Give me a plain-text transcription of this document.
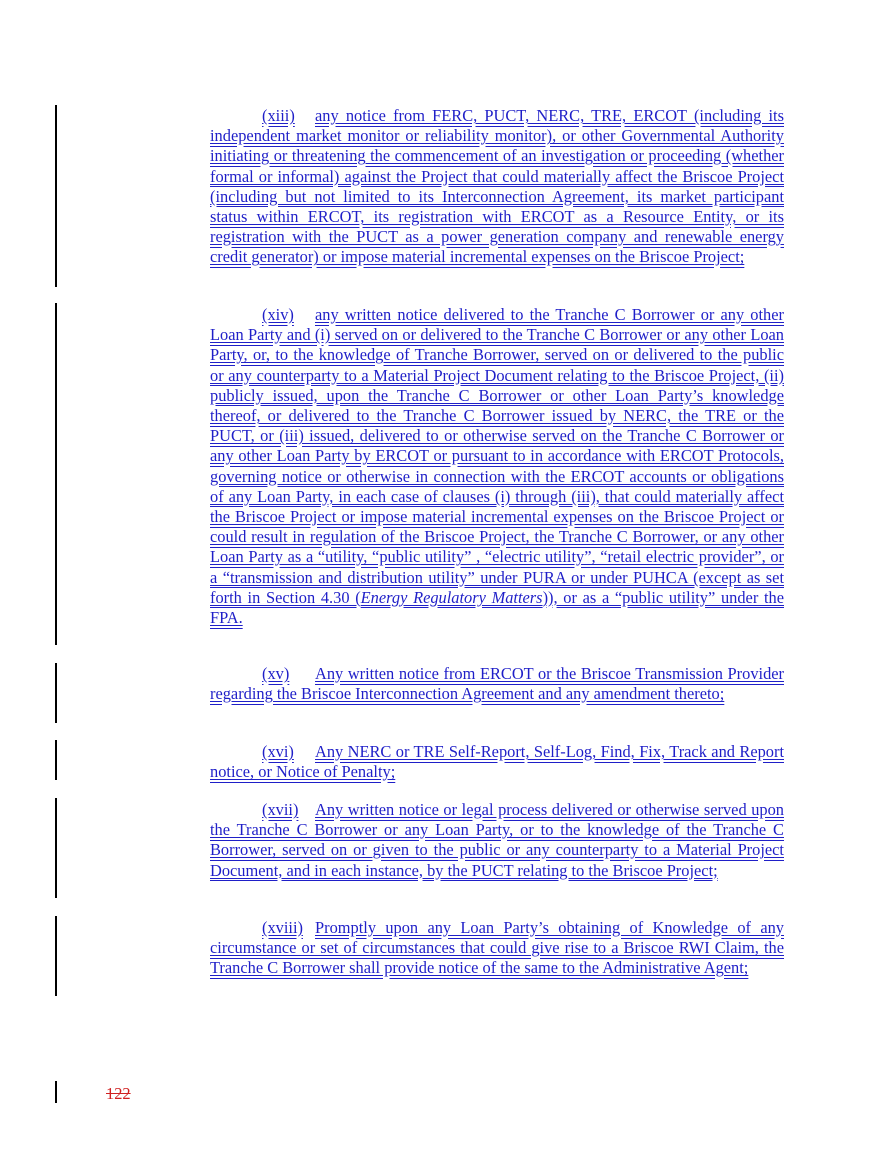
(xiii) any notice from FERC, PUCT, NERC, TRE, ERCOT (including its independent market monitor or reliability monitor), or other Governmental Authority initiating or threatening the commencement of an investigation or proceeding (whether formal or informal) against the Project that could materially affect the Briscoe Project (including but not limited to its Interconnection Agreement, its market participant status within ERCOT, its registration with ERCOT as a Resource Entity, or its registration with the PUCT as a power generation company and renewable energy credit generator) or impose material incremental expenses on the Briscoe Project;
(xiv) any written notice delivered to the Tranche C Borrower or any other Loan Party and (i) served on or delivered to the Tranche C Borrower or any other Loan Party, or, to the knowledge of Tranche Borrower, served on or delivered to the public or any counterparty to a Material Project Document relating to the Briscoe Project, (ii) publicly issued, upon the Tranche C Borrower or other Loan Party’s knowledge thereof, or delivered to the Tranche C Borrower issued by NERC, the TRE or the PUCT, or (iii) issued, delivered to or otherwise served on the Tranche C Borrower or any other Loan Party by ERCOT or pursuant to in accordance with ERCOT Protocols, governing notice or otherwise in connection with the ERCOT accounts or obligations of any Loan Party, in each case of clauses (i) through (iii), that could materially affect the Briscoe Project or impose material incremental expenses on the Briscoe Project or could result in regulation of the Briscoe Project, the Tranche C Borrower, or any other Loan Party as a “utility, “public utility” , “electric utility”, “retail electric provider”, or a “transmission and distribution utility” under PURA or under PUHCA (except as set forth in Section 4.30 (Energy Regulatory Matters)), or as a “public utility” under the FPA.
(xv) Any written notice from ERCOT or the Briscoe Transmission Provider regarding the Briscoe Interconnection Agreement and any amendment thereto;
(xvi) Any NERC or TRE Self-Report, Self-Log, Find, Fix, Track and Report notice, or Notice of Penalty;
(xvii) Any written notice or legal process delivered or otherwise served upon the Tranche C Borrower or any Loan Party, or to the knowledge of the Tranche C Borrower, served on or given to the public or any counterparty to a Material Project Document, and in each instance, by the PUCT relating to the Briscoe Project;
(xviii) Promptly upon any Loan Party’s obtaining of Knowledge of any circumstance or set of circumstances that could give rise to a Briscoe RWI Claim, the Tranche C Borrower shall provide notice of the same to the Administrative Agent;
122
